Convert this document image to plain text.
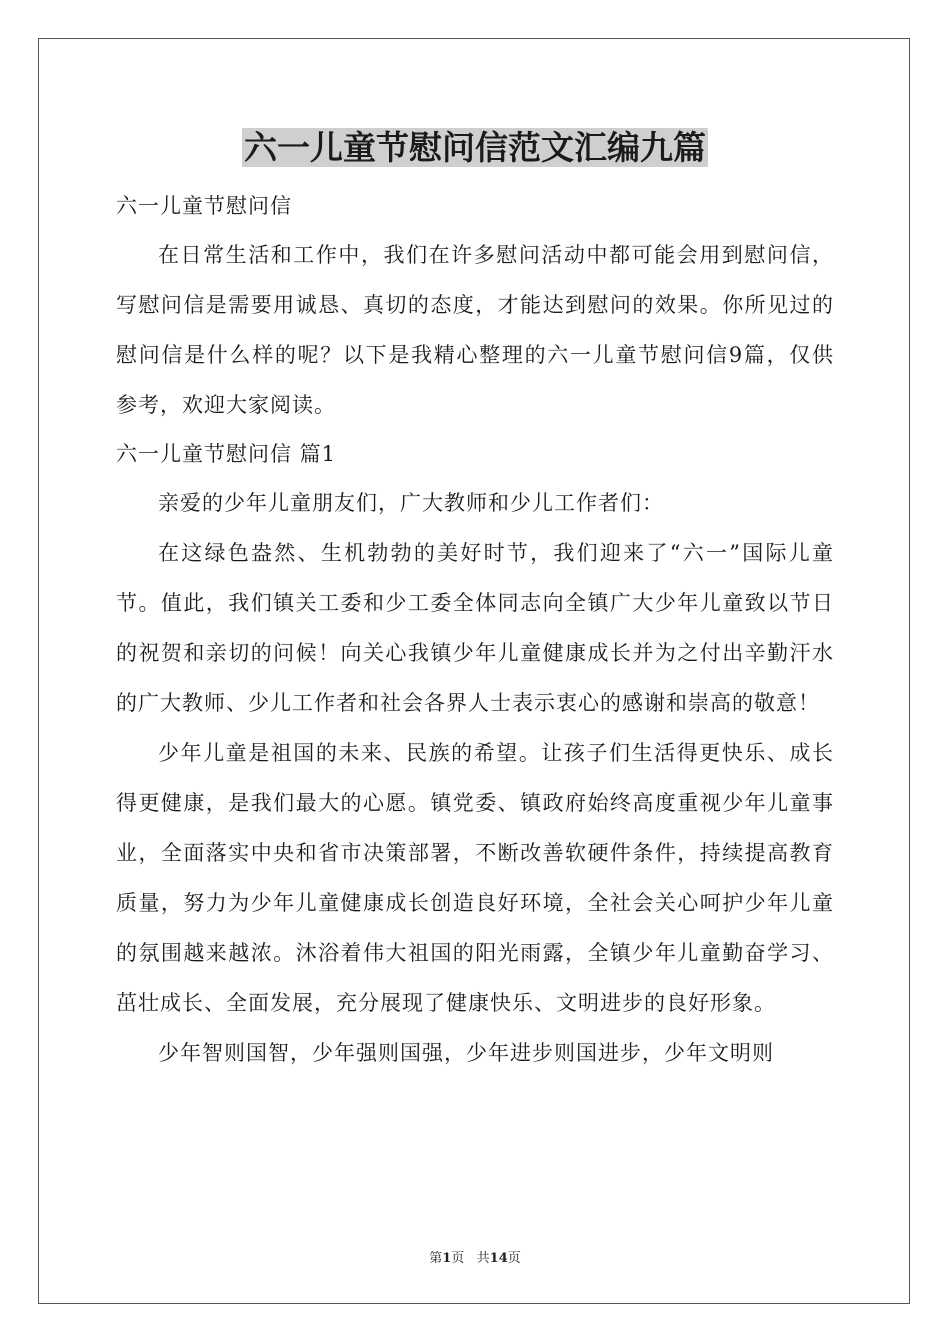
六一儿童节慰问信范文汇编九篇

六一儿童节慰问信

在日常生活和工作中，我们在许多慰问活动中都可能会用到慰问信，写慰问信是需要用诚恳、真切的态度，才能达到慰问的效果。你所见过的慰问信是什么样的呢？以下是我精心整理的六一儿童节慰问信9篇，仅供参考，欢迎大家阅读。

六一儿童节慰问信 篇1

亲爱的少年儿童朋友们，广大教师和少儿工作者们：

在这绿色盎然、生机勃勃的美好时节，我们迎来了“六一”国际儿童节。值此，我们镇关工委和少工委全体同志向全镇广大少年儿童致以节日的祝贺和亲切的问候！向关心我镇少年儿童健康成长并为之付出辛勤汗水的广大教师、少儿工作者和社会各界人士表示衷心的感谢和崇高的敬意！

少年儿童是祖国的未来、民族的希望。让孩子们生活得更快乐、成长得更健康，是我们最大的心愿。镇党委、镇政府始终高度重视少年儿童事业，全面落实中央和省市决策部署，不断改善软硬件条件，持续提高教育质量，努力为少年儿童健康成长创造良好环境，全社会关心呵护少年儿童的氛围越来越浓。沐浴着伟大祖国的阳光雨露，全镇少年儿童勤奋学习、茁壮成长、全面发展，充分展现了健康快乐、文明进步的良好形象。

少年智则国智，少年强则国强，少年进步则国进步，少年文明则

第1页   共14页
